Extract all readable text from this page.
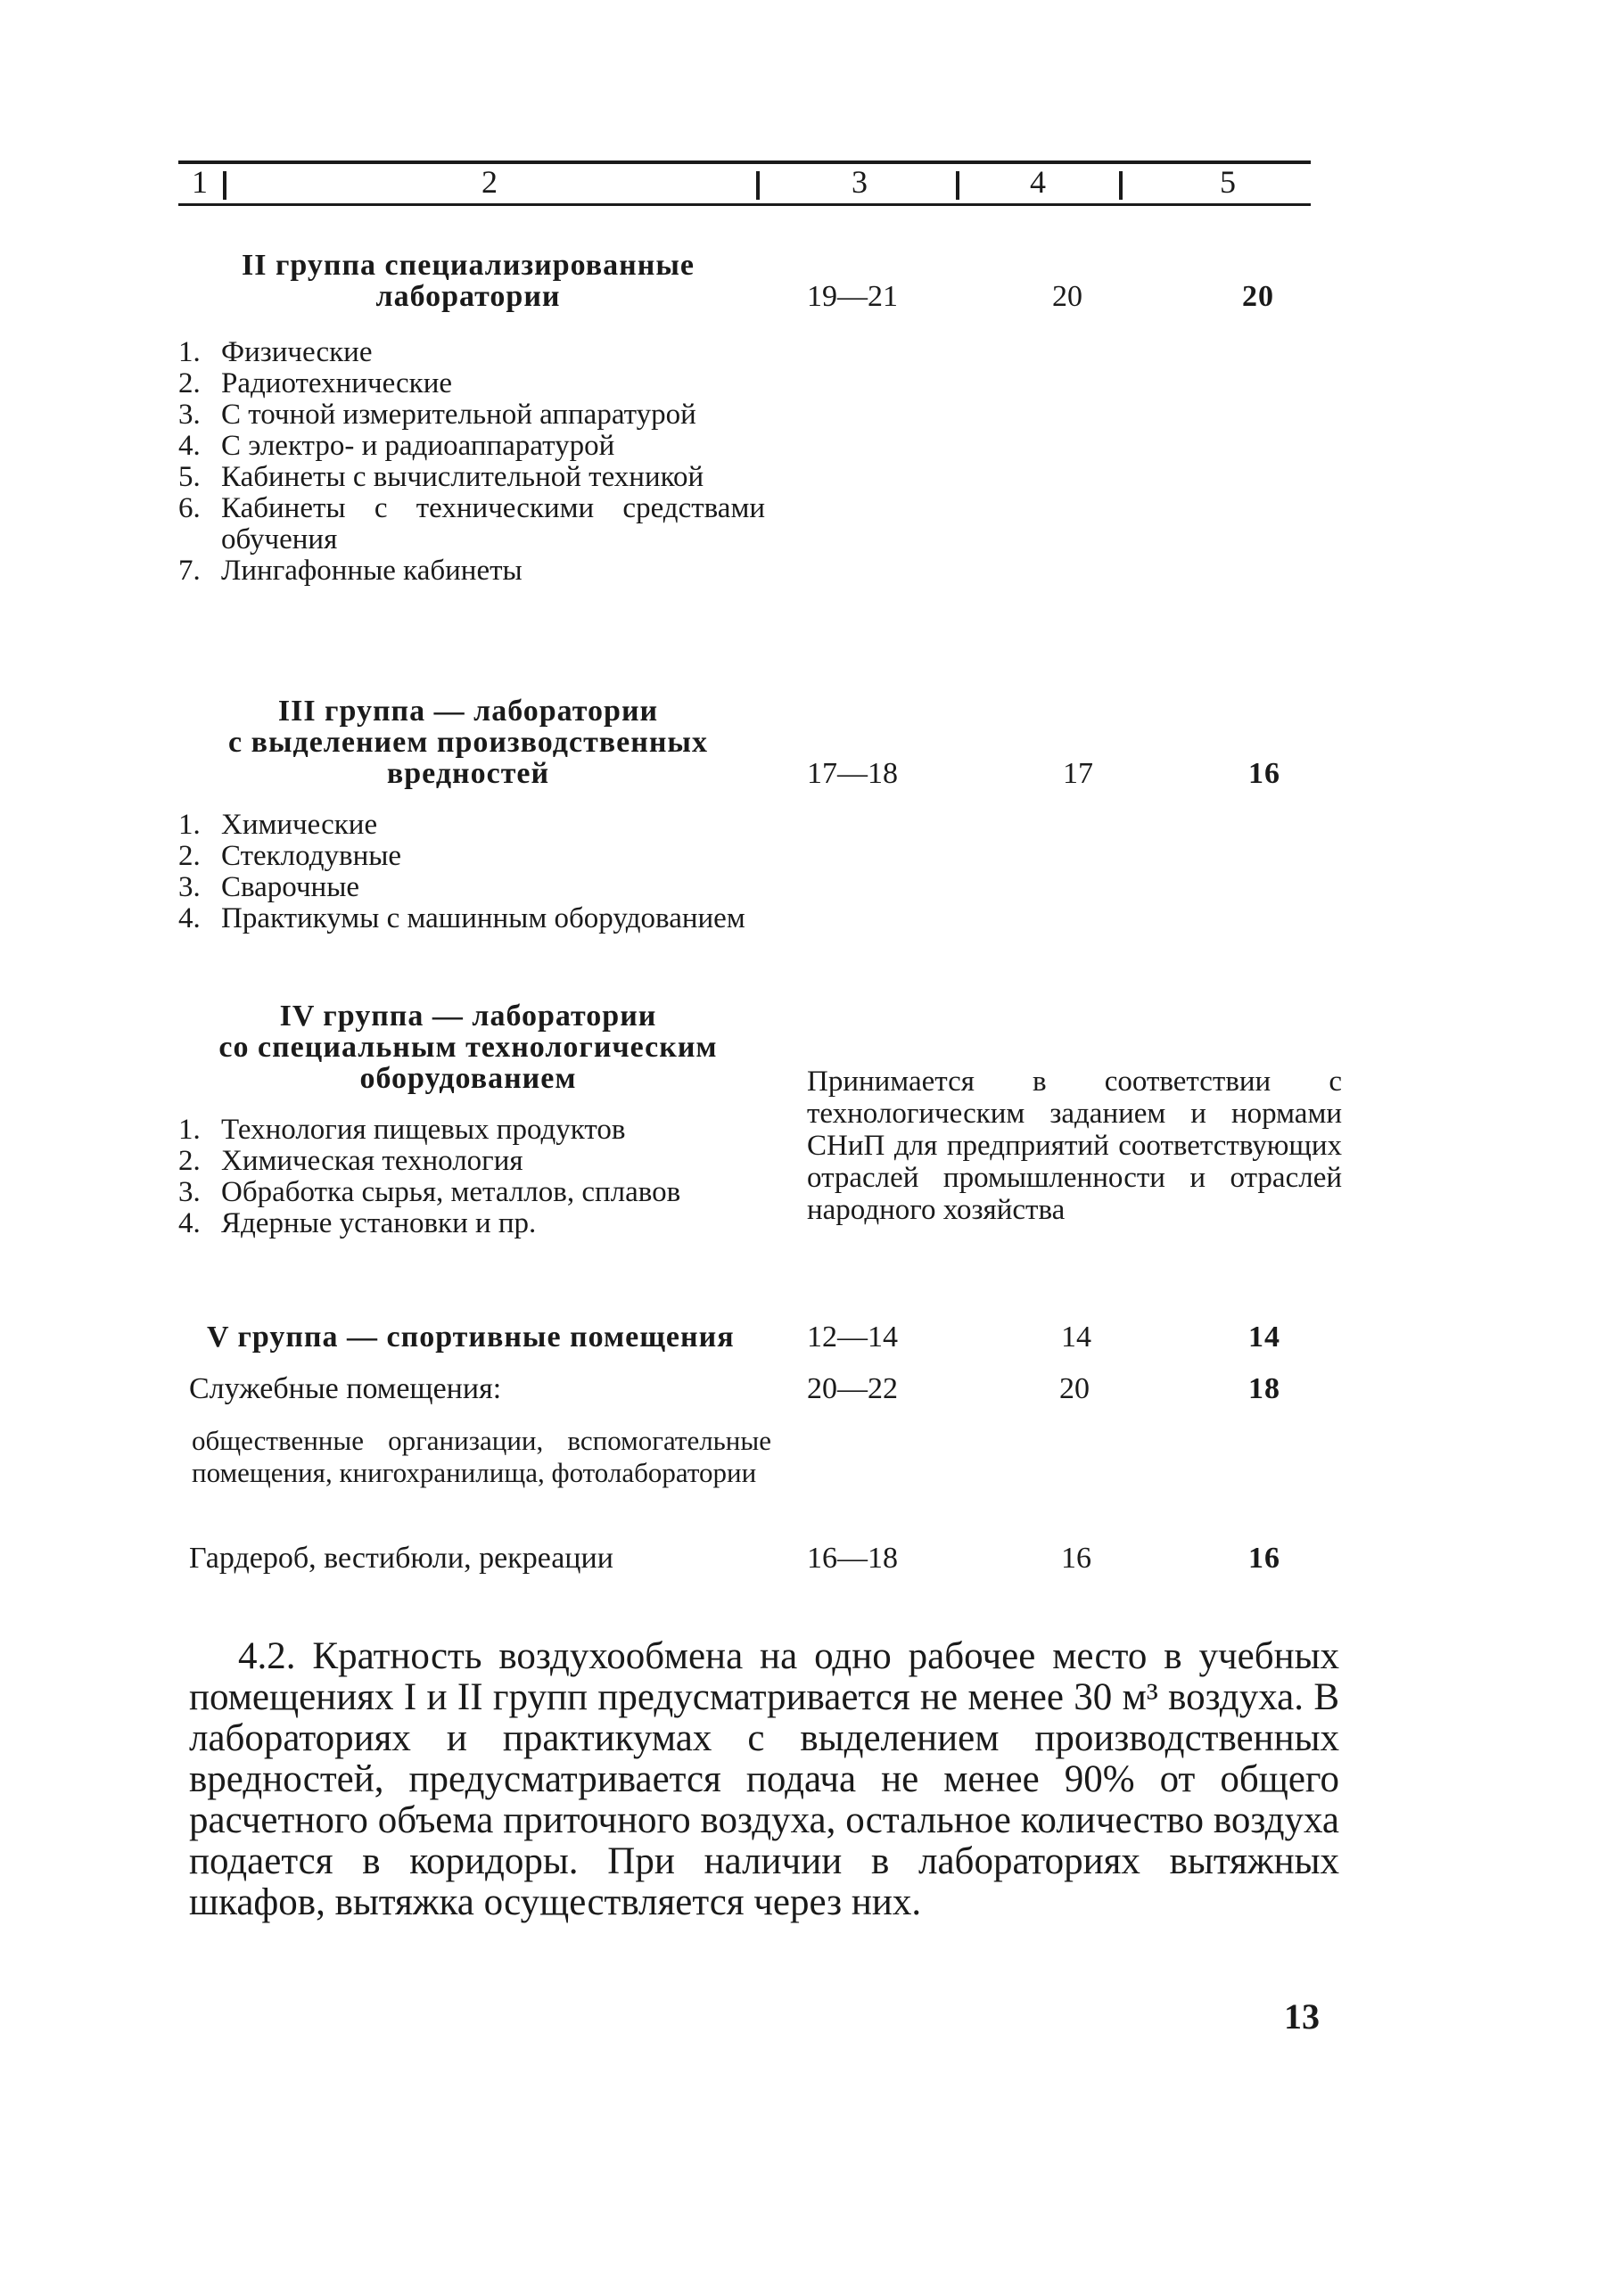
1	2	3	4	5
II группа специализированные
лаборатории	19—21	20	20
1. Физические
2. Радиотехнические
3. С точной измерительной аппаратурой
4. С электро- и радиоаппаратурой
5. Кабинеты с вычислительной техникой
6. Кабинеты с техническими средствами обучения
7. Лингафонные кабинеты
III группа — лаборатории
с выделением производственных
вредностей	17—18	17	16
1. Химические
2. Стеклодувные
3. Сварочные
4. Практикумы с машинным оборудованием
IV группа — лаборатории
со специальным технологическим
оборудованием	Принимается в соответствии с технологическим заданием и нормами СНиП для предприятий соответствующих отраслей промышленности и отраслей народного хозяйства
1. Технология пищевых продуктов
2. Химическая технология
3. Обработка сырья, металлов, сплавов
4. Ядерные установки и пр.
V группа — спортивные помещения 12—14	14	14
Служебные помещения:	20—22	20	18
общественные организации, вспомогательные помещения, книгохранилища, фотолаборатории
Гардероб, вестибюли, рекреации	16—18	16	16
4.2. Кратность воздухообмена на одно рабочее место в учебных помещениях I и II групп предусматривается не менее 30 м³ воздуха. В лабораториях и практикумах с выделением производственных вредностей, предусматривается подача не менее 90% от общего расчетного объема приточного воздуха, остальное количество воздуха подается в коридоры. При наличии в лабораториях вытяжных шкафов, вытяжка осуществляется через них.
13
